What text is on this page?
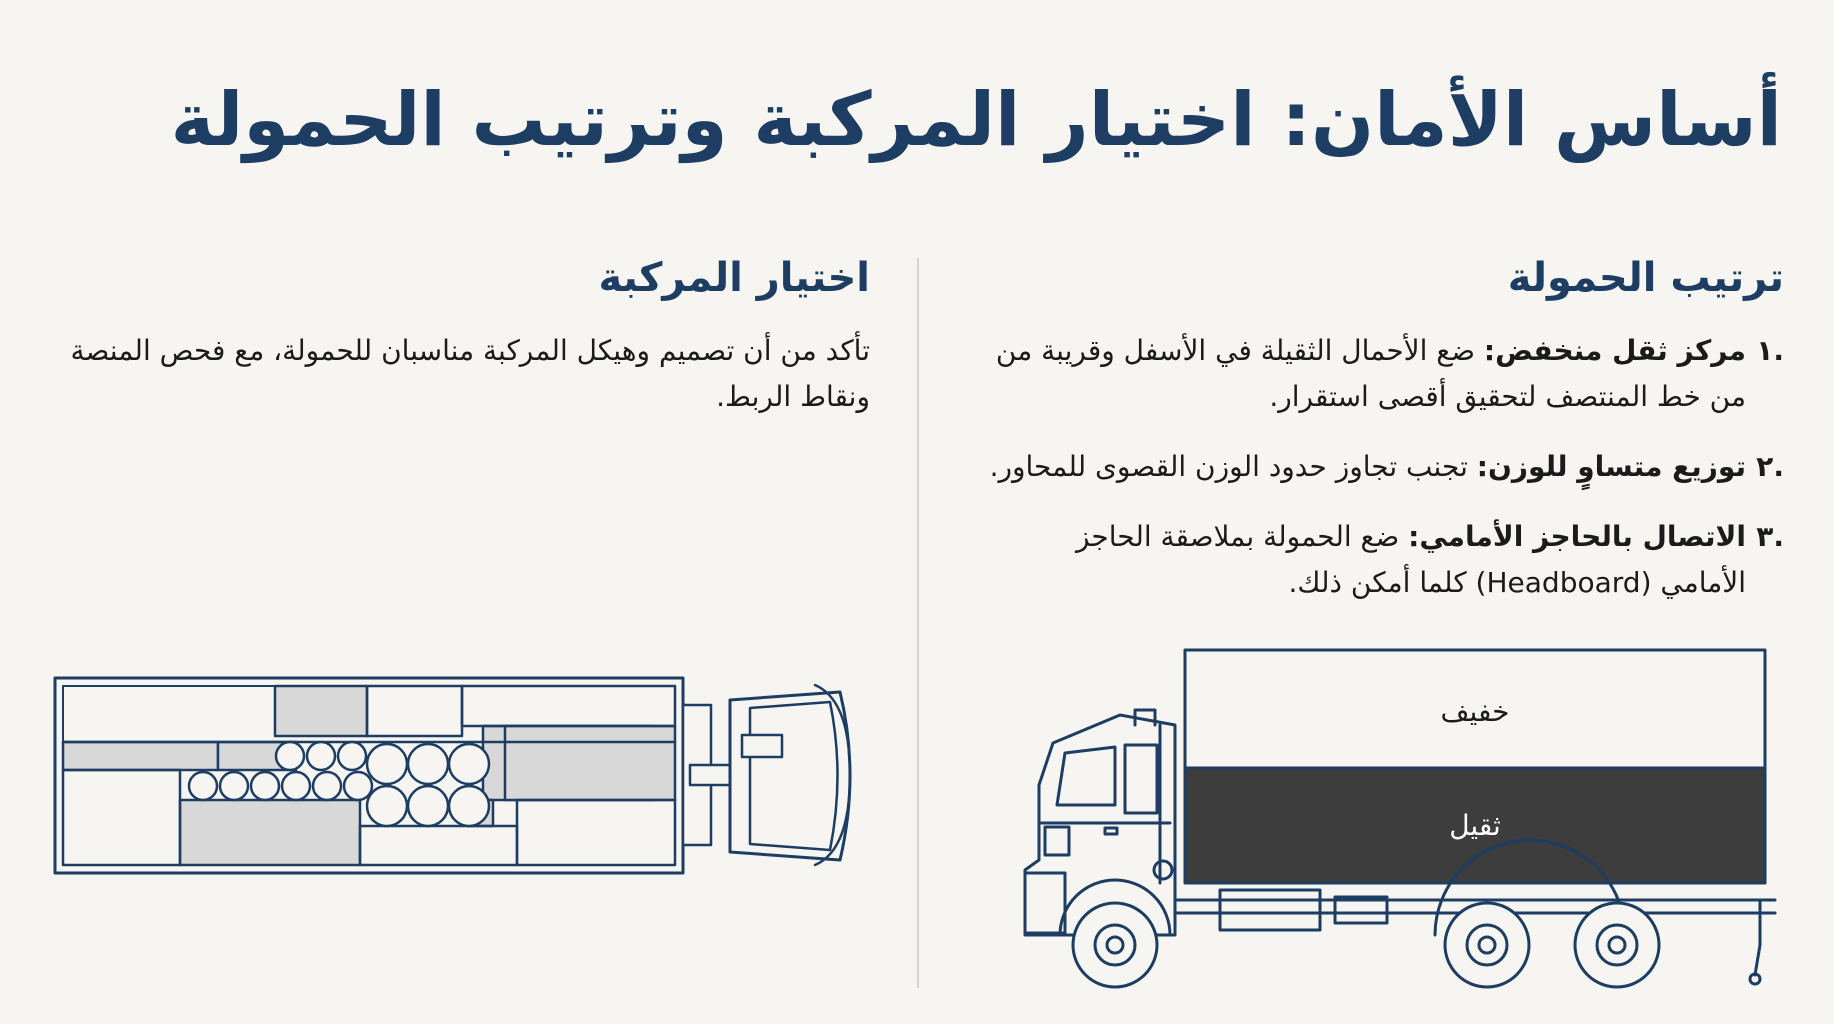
أساس الأمان: اختيار المركبة وترتيب الحمولة
ترتيب الحمولة
.١
مركز ثقل منخفض: ضع الأحمال الثقيلة في الأسفل وقريبة من من خط المنتصف لتحقيق أقصى استقرار.
.٢
توزيع متساوٍ للوزن: تجنب تجاوز حدود الوزن القصوى للمحاور.
.٣
الاتصال بالحاجز الأمامي: ضع الحمولة بملاصقة الحاجز الأمامي (Headboard) كلما أمكن ذلك.
اختيار المركبة

تأكد من أن تصميم وهيكل المركبة مناسبان للحمولة، مع فحص المنصة ونقاط الربط.

خفيف
ثقيل
